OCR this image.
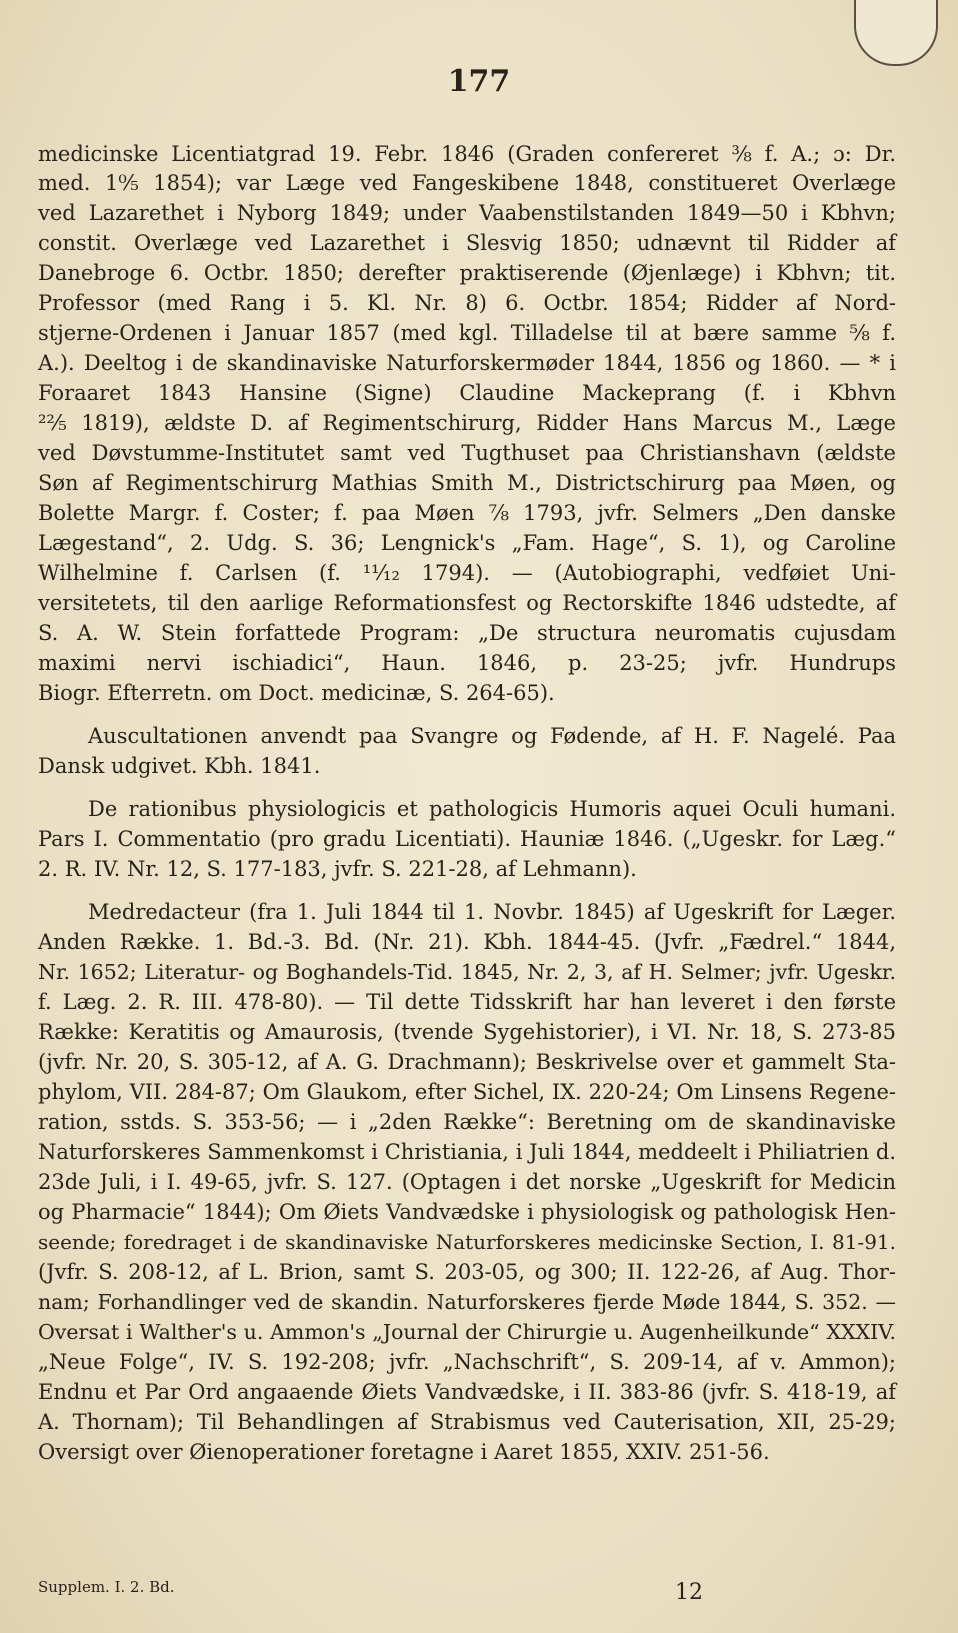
177
medicinske Licentiatgrad 19. Febr. 1846 (Graden confereret ⅜ f. A.; ɔ: Dr.
med. 1⁰⁄₅ 1854); var Læge ved Fangeskibene 1848, constitueret Overlæge
ved Lazarethet i Nyborg 1849; under Vaabenstilstanden 1849—50 i Kbhvn;
constit. Overlæge ved Lazarethet i Slesvig 1850; udnævnt til Ridder af
Danebroge 6. Octbr. 1850; derefter praktiserende (Øjenlæge) i Kbhvn; tit.
Professor (med Rang i 5. Kl. Nr. 8) 6. Octbr. 1854; Ridder af Nord-
stjerne-Ordenen i Januar 1857 (med kgl. Tilladelse til at bære samme ⅝ f.
A.). Deeltog i de skandinaviske Naturforskermøder 1844, 1856 og 1860. — * i
Foraaret 1843 Hansine (Signe) Claudine Mackeprang (f. i Kbhvn
²²⁄₅ 1819), ældste D. af Regimentschirurg, Ridder Hans Marcus M., Læge
ved Døvstumme-Institutet samt ved Tugthuset paa Christianshavn (ældste
Søn af Regimentschirurg Mathias Smith M., Districtschirurg paa Møen, og
Bolette Margr. f. Coster; f. paa Møen ⅞ 1793, jvfr. Selmers „Den danske
Lægestand“, 2. Udg. S. 36; Lengnick's „Fam. Hage“, S. 1), og Caroline
Wilhelmine f. Carlsen (f. ¹¹⁄₁₂ 1794). — (Autobiographi, vedføiet Uni-
versitetets, til den aarlige Reformationsfest og Rectorskifte 1846 udstedte, af
S. A. W. Stein forfattede Program: „De structura neuromatis cujusdam
maximi nervi ischiadici“, Haun. 1846, p. 23-25; jvfr. Hundrups
Biogr. Efterretn. om Doct. medicinæ, S. 264-65).
Auscultationen anvendt paa Svangre og Fødende, af H. F. Nagelé. Paa
Dansk udgivet. Kbh. 1841.
De rationibus physiologicis et pathologicis Humoris aquei Oculi humani.
Pars I. Commentatio (pro gradu Licentiati). Hauniæ 1846. („Ugeskr. for Læg.“
2. R. IV. Nr. 12, S. 177-183, jvfr. S. 221-28, af Lehmann).
Medredacteur (fra 1. Juli 1844 til 1. Novbr. 1845) af Ugeskrift for Læger.
Anden Række. 1. Bd.-3. Bd. (Nr. 21). Kbh. 1844-45. (Jvfr. „Fædrel.“ 1844,
Nr. 1652; Literatur- og Boghandels-Tid. 1845, Nr. 2, 3, af H. Selmer; jvfr. Ugeskr.
f. Læg. 2. R. III. 478-80). — Til dette Tidsskrift har han leveret i den første
Række: Keratitis og Amaurosis, (tvende Sygehistorier), i VI. Nr. 18, S. 273-85
(jvfr. Nr. 20, S. 305-12, af A. G. Drachmann); Beskrivelse over et gammelt Sta-
phylom, VII. 284-87; Om Glaukom, efter Sichel, IX. 220-24; Om Linsens Regene-
ration, sstds. S. 353-56; — i „2den Række“: Beretning om de skandinaviske
Naturforskeres Sammenkomst i Christiania, i Juli 1844, meddeelt i Philiatrien d.
23de Juli, i I. 49-65, jvfr. S. 127. (Optagen i det norske „Ugeskrift for Medicin
og Pharmacie“ 1844); Om Øiets Vandvædske i physiologisk og pathologisk Hen-
seende; foredraget i de skandinaviske Naturforskeres medicinske Section, I. 81-91.
(Jvfr. S. 208-12, af L. Brion, samt S. 203-05, og 300; II. 122-26, af Aug. Thor-
nam; Forhandlinger ved de skandin. Naturforskeres fjerde Møde 1844, S. 352. —
Oversat i Walther's u. Ammon's „Journal der Chirurgie u. Augenheilkunde“ XXXIV.
„Neue Folge“, IV. S. 192-208; jvfr. „Nachschrift“, S. 209-14, af v. Ammon);
Endnu et Par Ord angaaende Øiets Vandvædske, i II. 383-86 (jvfr. S. 418-19, af
A. Thornam); Til Behandlingen af Strabismus ved Cauterisation, XII, 25-29;
Oversigt over Øienoperationer foretagne i Aaret 1855, XXIV. 251-56.
Supplem. I. 2. Bd.	12
